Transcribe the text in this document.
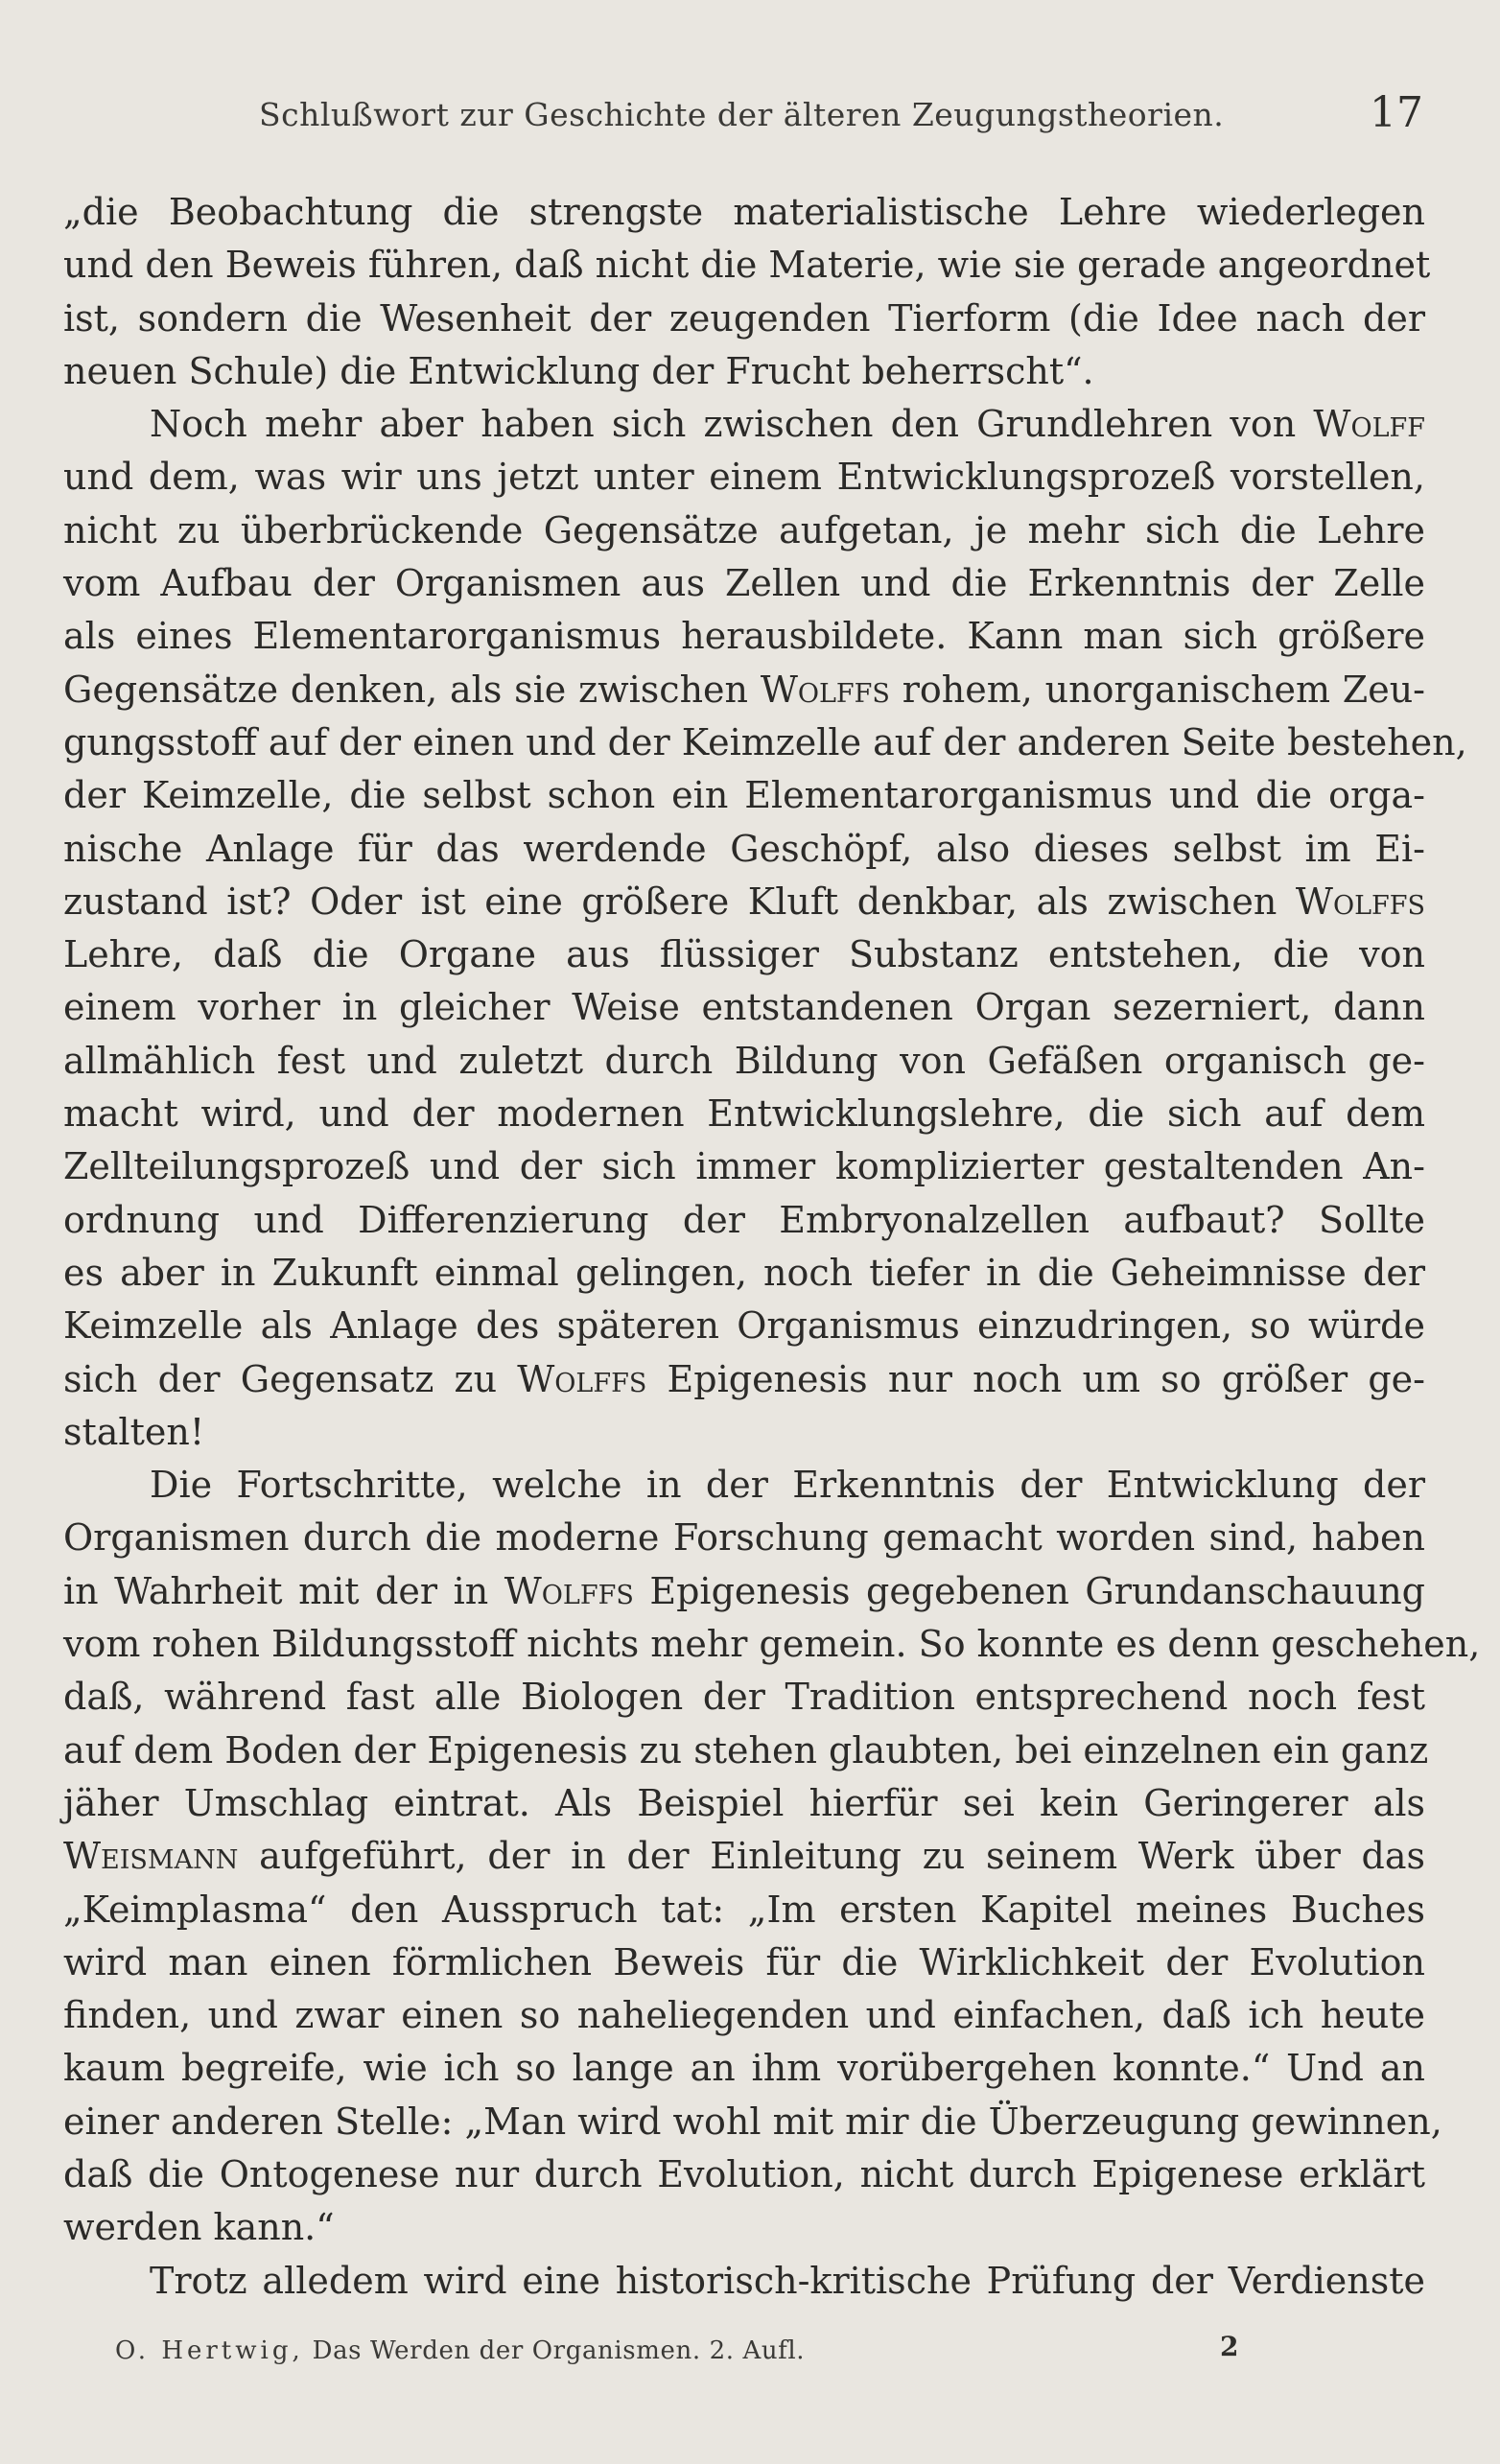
Schlußwort zur Geschichte der älteren Zeugungstheorien.	17
„die Beobachtung die strengste materialistische Lehre wiederlegen
und den Beweis führen, daß nicht die Materie, wie sie gerade angeordnet
ist, sondern die Wesenheit der zeugenden Tierform (die Idee nach der
neuen Schule) die Entwicklung der Frucht beherrscht“.
Noch mehr aber haben sich zwischen den Grundlehren von Wolff
und dem, was wir uns jetzt unter einem Entwicklungsprozeß vorstellen,
nicht zu überbrückende Gegensätze aufgetan, je mehr sich die Lehre
vom Aufbau der Organismen aus Zellen und die Erkenntnis der Zelle
als eines Elementarorganismus herausbildete. Kann man sich größere
Gegensätze denken, als sie zwischen Wolffs rohem, unorganischem Zeu-
gungsstoff auf der einen und der Keimzelle auf der anderen Seite bestehen,
der Keimzelle, die selbst schon ein Elementarorganismus und die orga-
nische Anlage für das werdende Geschöpf, also dieses selbst im Ei-
zustand ist? Oder ist eine größere Kluft denkbar, als zwischen Wolffs
Lehre, daß die Organe aus flüssiger Substanz entstehen, die von
einem vorher in gleicher Weise entstandenen Organ sezerniert, dann
allmählich fest und zuletzt durch Bildung von Gefäßen organisch ge-
macht wird, und der modernen Entwicklungslehre, die sich auf dem
Zellteilungsprozeß und der sich immer komplizierter gestaltenden An-
ordnung und Differenzierung der Embryonalzellen aufbaut? Sollte
es aber in Zukunft einmal gelingen, noch tiefer in die Geheimnisse der
Keimzelle als Anlage des späteren Organismus einzudringen, so würde
sich der Gegensatz zu Wolffs Epigenesis nur noch um so größer ge-
stalten!
Die Fortschritte, welche in der Erkenntnis der Entwicklung der
Organismen durch die moderne Forschung gemacht worden sind, haben
in Wahrheit mit der in Wolffs Epigenesis gegebenen Grundanschauung
vom rohen Bildungsstoff nichts mehr gemein. So konnte es denn geschehen,
daß, während fast alle Biologen der Tradition entsprechend noch fest
auf dem Boden der Epigenesis zu stehen glaubten, bei einzelnen ein ganz
jäher Umschlag eintrat. Als Beispiel hierfür sei kein Geringerer als
Weismann aufgeführt, der in der Einleitung zu seinem Werk über das
„Keimplasma“ den Ausspruch tat: „Im ersten Kapitel meines Buches
wird man einen förmlichen Beweis für die Wirklichkeit der Evolution
finden, und zwar einen so naheliegenden und einfachen, daß ich heute
kaum begreife, wie ich so lange an ihm vorübergehen konnte.“ Und an
einer anderen Stelle: „Man wird wohl mit mir die Überzeugung gewinnen,
daß die Ontogenese nur durch Evolution, nicht durch Epigenese erklärt
werden kann.“
Trotz alledem wird eine historisch-kritische Prüfung der Verdienste
O. Hertwig, Das Werden der Organismen. 2. Aufl.	2
